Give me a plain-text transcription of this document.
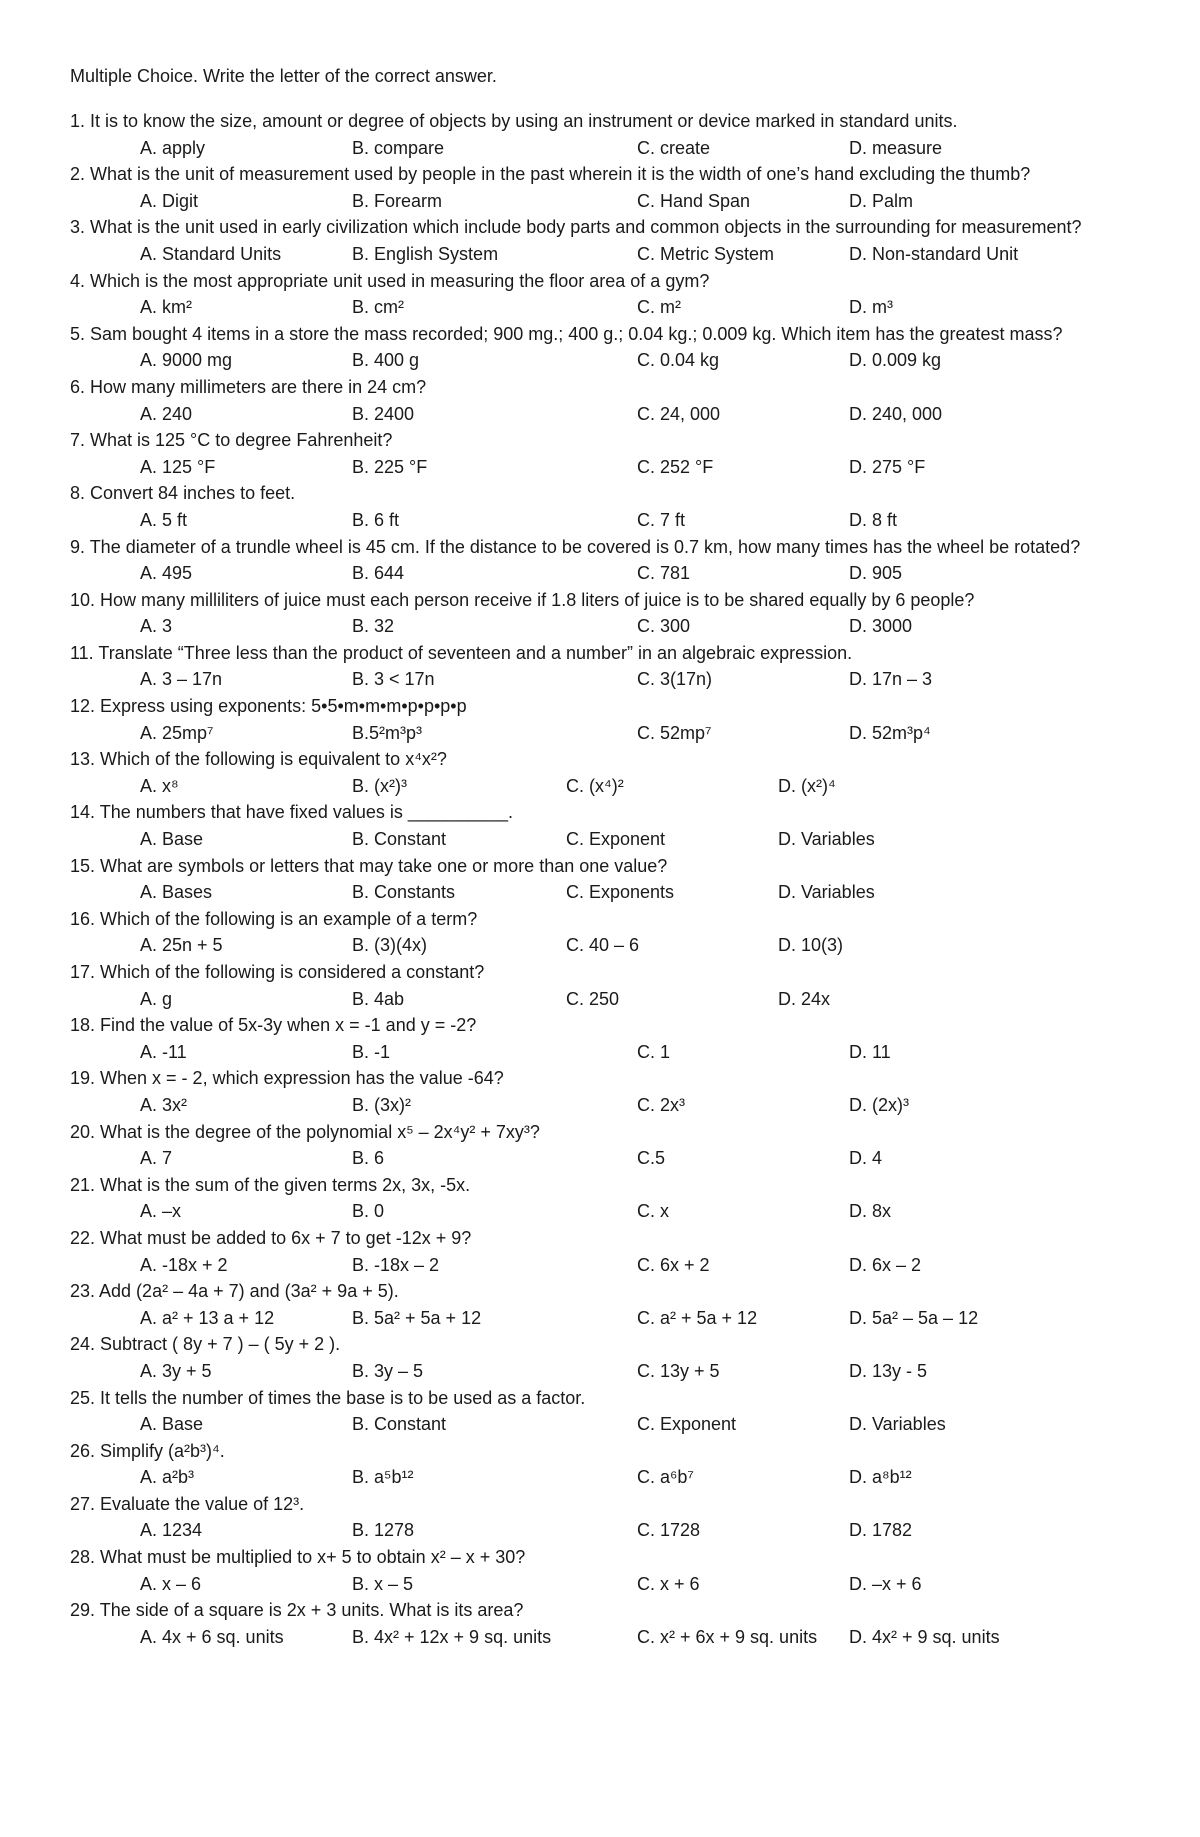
Multiple Choice. Write the letter of the correct answer.
1. It is to know the size, amount or degree of objects by using an instrument or device marked in standard units.
A. apply	B. compare	C. create	D. measure
2. What is the unit of measurement used by people in the past wherein it is the width of one’s hand excluding the thumb?
A. Digit	B. Forearm	C. Hand Span	D. Palm
3. What is the unit used in early civilization which include body parts and common objects in the surrounding for measurement?
A. Standard Units	B. English System	C. Metric System	D. Non-standard Unit
4. Which is the most appropriate unit used in measuring the floor area of a gym?
A. km²	B. cm²	C. m²	D. m³
5. Sam bought 4 items in a store the mass recorded; 900 mg.; 400 g.; 0.04 kg.; 0.009 kg. Which item has the greatest mass?
A. 9000 mg	B. 400 g	C. 0.04 kg	D. 0.009 kg
6. How many millimeters are there in 24 cm?
A. 240	B. 2400	C. 24, 000	D. 240, 000
7. What is 125 °C to degree Fahrenheit?
A. 125 °F	B. 225 °F	C. 252 °F	D. 275 °F
8. Convert 84 inches to feet.
A. 5 ft	B. 6 ft	C. 7 ft	D. 8 ft
9. The diameter of a trundle wheel is 45 cm. If the distance to be covered is 0.7 km, how many times has the wheel be rotated?
A. 495	B. 644	C. 781	D. 905
10. How many milliliters of juice must each person receive if 1.8 liters of juice is to be shared equally by 6 people?
A. 3	B. 32	C. 300	D. 3000
11. Translate “Three less than the product of seventeen and a number” in an algebraic expression.
A. 3 – 17n	B. 3 < 17n	C. 3(17n)	D. 17n – 3
12. Express using exponents: 5•5•m•m•m•p•p•p•p
A. 25mp⁷	B.5²m³p³	C. 52mp⁷	D. 52m³p⁴
13. Which of the following is equivalent to x⁴x²?
A. x⁸	B. (x²)³	C. (x⁴)²	D. (x²)⁴
14. The numbers that have fixed values is __________.
A. Base	B. Constant	C. Exponent	D. Variables
15. What are symbols or letters that may take one or more than one value?
A. Bases	B. Constants	C. Exponents	D. Variables
16. Which of the following is an example of a term?
A. 25n + 5	B. (3)(4x)	C. 40 – 6	D. 10(3)
17. Which of the following is considered a constant?
A. g	B. 4ab	C. 250	D. 24x
18. Find the value of 5x-3y when x = -1 and y = -2?
A. -11	B. -1	C. 1	D. 11
19. When x = - 2, which expression has the value -64?
A. 3x²	B. (3x)²	C. 2x³	D. (2x)³
20. What is the degree of the polynomial x⁵ – 2x⁴y² + 7xy³?
A. 7	B. 6	C.5	D. 4
21. What is the sum of the given terms 2x, 3x, -5x.
A. –x	B. 0	C. x	D. 8x
22. What must be added to 6x + 7 to get -12x + 9?
A. -18x + 2	B. -18x – 2	C. 6x + 2	D. 6x – 2
23. Add (2a² – 4a + 7) and (3a² + 9a + 5).
A. a² + 13 a + 12	B. 5a² + 5a + 12	C. a² + 5a + 12	D. 5a² – 5a – 12
24. Subtract ( 8y + 7 ) – ( 5y + 2 ).
A. 3y + 5	B. 3y – 5	C. 13y + 5	D. 13y - 5
25. It tells the number of times the base is to be used as a factor.
A. Base	B. Constant	C. Exponent	D. Variables
26. Simplify (a²b³)⁴.
A. a²b³	B. a⁵b¹²	C. a⁶b⁷	D. a⁸b¹²
27. Evaluate the value of 12³.
A. 1234	B. 1278	C. 1728	D. 1782
28. What must be multiplied to x+ 5 to obtain x² – x + 30?
A. x – 6	B. x – 5	C. x + 6	D. –x + 6
29. The side of a square is 2x + 3 units. What is its area?
A. 4x + 6 sq. units	B. 4x² + 12x + 9 sq. units	C. x² + 6x + 9 sq. units D. 4x² + 9 sq. units
